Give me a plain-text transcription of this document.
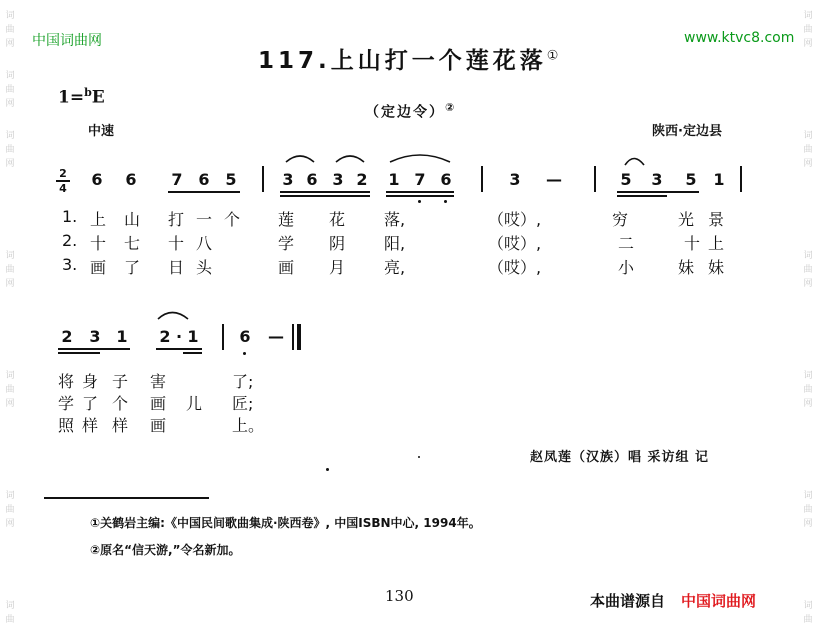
词
曲
网
词
曲
网
词
曲
网
词
曲
网
词
曲
网
词
曲
网
词
曲
词
曲
网
词
曲
网
词
曲
网
词
曲
网
词
曲
网
词
曲
中国词曲网	www.ktvc8.com
117.上山打一个莲花落①
1=$^b$E
（定边令）②
中速	陕西·定边县
2
4 6 6 7 6 5	3 6 3 2 1 7 6	3 —	5 3 5 1
1. 上 山 打 一 个 莲 花 落,	（哎）,	穷	光 景
2. 十 七 十 八	学 阴 阳,	（哎）,	二	十 上
3. 画 了 日 头	画 月 亮,	（哎）,	小	妹 妹
2 3 1 2 · 1	6 —
将 身 子 害	了;
学 了 个 画 儿 匠;
照 样 样 画	上。
赵凤莲（汉族）唱 采访组 记
①关鹤岩主编:《中国民间歌曲集成·陕西卷》, 中国ISBN中心, 1994年。
②原名“信天游,”令名新加。
130	本曲谱源自 中国词曲网
